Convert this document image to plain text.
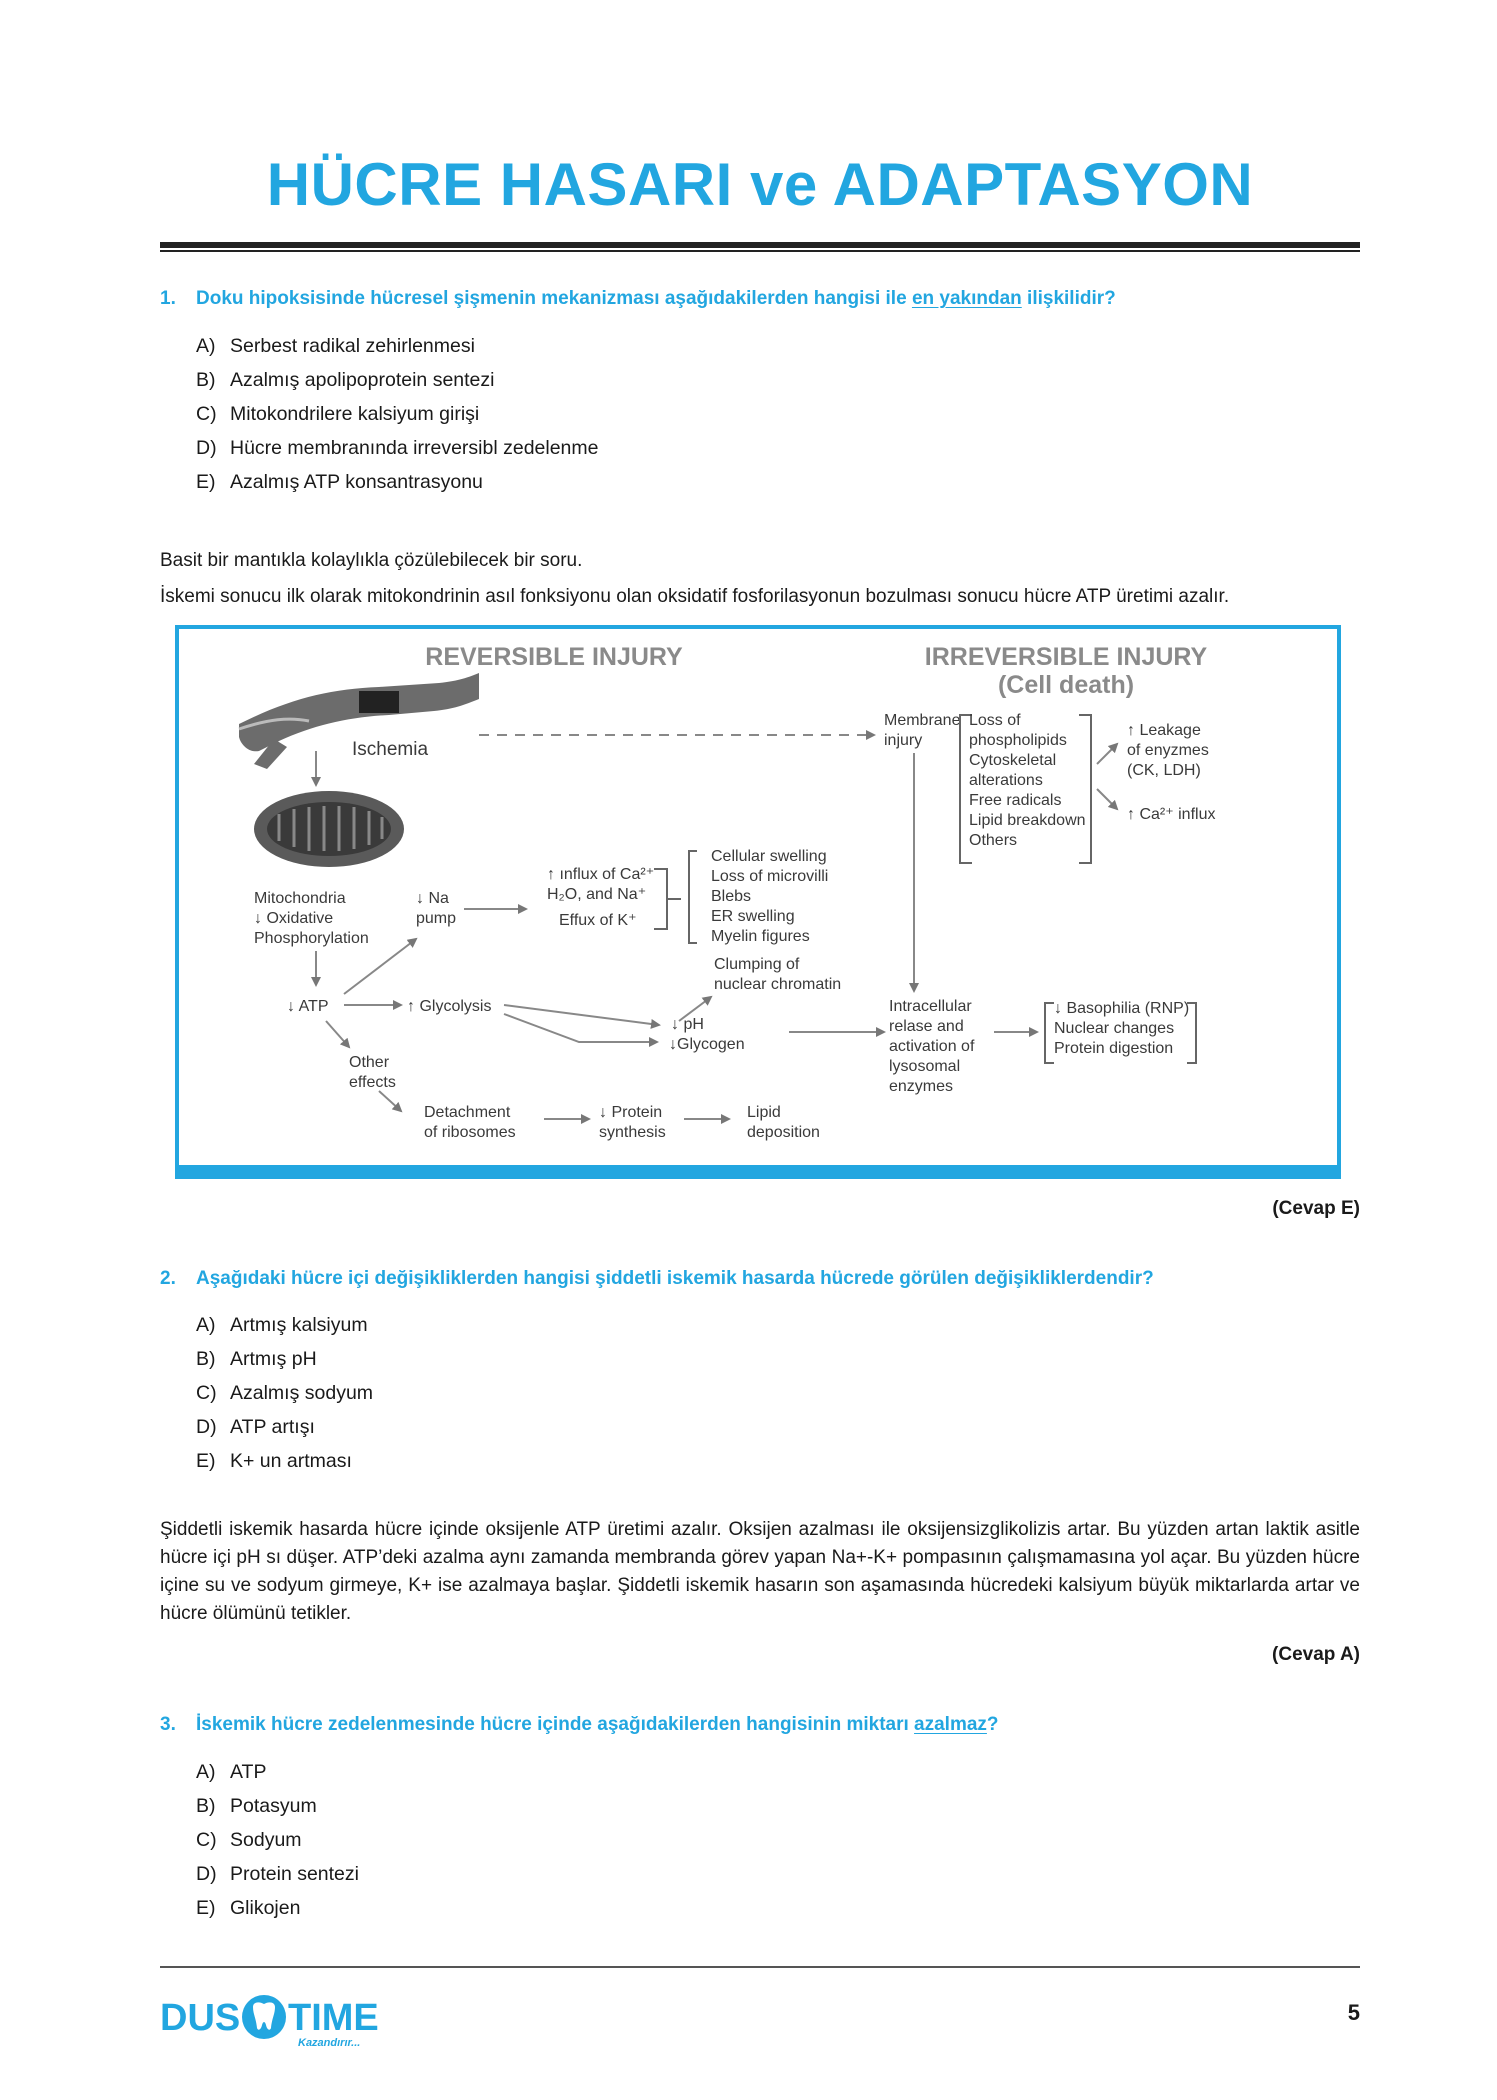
HÜCRE HASARI ve ADAPTASYON
1. Doku hipoksisinde hücresel şişmenin mekanizması aşağıdakilerden hangisi ile en yakından ilişkilidir?
A) Serbest radikal zehirlenmesi
B) Azalmış apolipoprotein sentezi
C) Mitokondrilere kalsiyum girişi
D) Hücre membranında irreversibl zedelenme
E) Azalmış ATP konsantrasyonu
Basit bir mantıkla kolaylıkla çözülebilecek bir soru.
İskemi sonucu ilk olarak mitokondrinin asıl fonksiyonu olan oksidatif fosforilasyonun bozulması sonucu hücre ATP üretimi azalır.
REVERSIBLE INJURY	IRREVERSIBLE INJURY
(Cell death)
Ischemia
Mitochondria
↓ Oxidative
Phosphorylation
↓ Na
pump
↑ ınflux of Ca²⁺
H₂O, and Na⁺
Effux of K⁺
Cellular swelling
Loss of microvilli
Blebs
ER swelling
Myelin figures
↓ ATP	↑ Glycolysis
Clumping of
nuclear chromatin
↓ pH
↓Glycogen
Other
effects
Detachment
of ribosomes
↓ Protein
synthesis
Lipid
deposition
Membrane
injury
Loss of
phospholipids
Cytoskeletal
alterations
Free radicals
Lipid breakdown
Others
↑ Leakage
of enyzmes
(CK, LDH)
↑ Ca²⁺ influx
Intracellular
relase and
activation of
lysosomal
enzymes
↓ Basophilia (RNP)
Nuclear changes
Protein digestion
(Cevap E)
2. Aşağıdaki hücre içi değişikliklerden hangisi şiddetli iskemik hasarda hücrede görülen değişikliklerdendir?
A) Artmış kalsiyum
B) Artmış pH
C) Azalmış sodyum
D) ATP artışı
E) K+ un artması
Şiddetli iskemik hasarda hücre içinde oksijenle ATP üretimi azalır. Oksijen azalması ile oksijensizglikolizis artar. Bu yüzden artan laktik asitle hücre içi pH sı düşer. ATP’deki azalma aynı zamanda membranda görev yapan Na+-K+ pompasının çalışmamasına yol açar. Bu yüzden hücre içine su ve sodyum girmeye, K+ ise azalmaya başlar. Şiddetli iskemik hasarın son aşamasında hücredeki kalsiyum büyük miktarlarda artar ve hücre ölümünü tetikler.
(Cevap A)
3. İskemik hücre zedelenmesinde hücre içinde aşağıdakilerden hangisinin miktarı azalmaz?
A) ATP
B) Potasyum
C) Sodyum
D) Protein sentezi
E) Glikojen
DUS TIME
Kazandırır...
5
